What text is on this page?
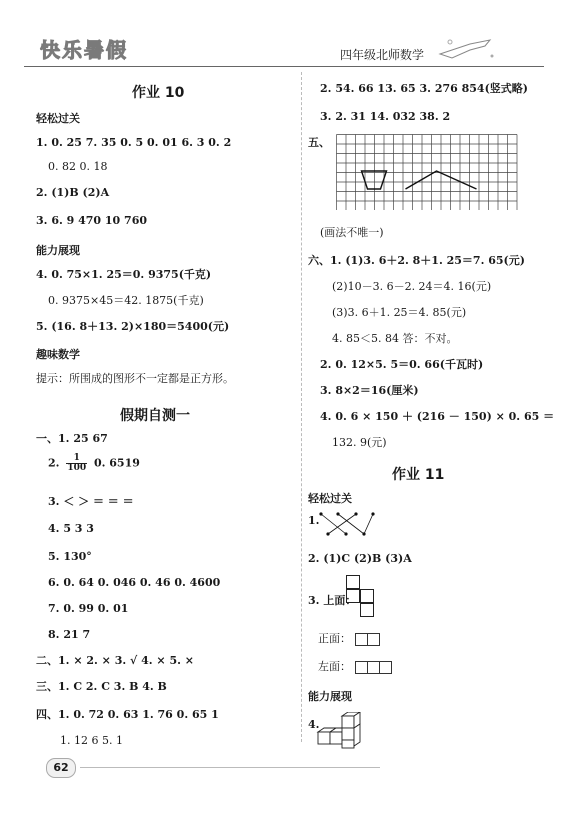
快乐暑假	四年级北师数学
作业 10
轻松过关
1. 0. 25 7. 35 0. 5 0. 01 6. 3 0. 2
0. 82 0. 18
2. (1)B (2)A
3. 6. 9 470 10 760
能力展现
4. 0. 75×1. 25＝0. 9375(千克)
0. 9375×45＝42. 1875(千克)
5. (16. 8＋13. 2)×180＝5400(元)
趣味数学
提示：所围成的图形不一定都是正方形。
假期自测一
一、1. 25 67
2. $\frac{1}{100} 0$. 6519
3. ＜ ＞ ＝ ＝ ＝
4. 5 3 3
5. 130°
6. 0. 64 0. 046 0. 46 0. 4600
7. 0. 99 0. 01
8. 21 7
二、1. × 2. × 3. √ 4. × 5. ×
三、1. C 2. C 3. B 4. B
四、1. 0. 72 0. 63 1. 76 0. 65 1
1. 12 6 5. 1
2. 54. 66 13. 65 3. 276 854(竖式略)
3. 2. 31 14. 032 38. 2
五、
(画法不唯一)
六、1. (1)3. 6＋2. 8＋1. 25＝7. 65(元)
(2)10－3. 6－2. 24＝4. 16(元)
(3)3. 6＋1. 25＝4. 85(元)
4. 85＜5. 84 答：不对。
2. 0. 12×5. 5＝0. 66(千瓦时)
3. 8×2＝16(厘米)
4. 0. 6 × 150 ＋ (216 － 150) × 0. 65 ＝
132. 9(元)
作业 11
轻松过关
1.
2. (1)C (2)B (3)A
3. 上面：
正面：
左面：
能力展现
4.
62
